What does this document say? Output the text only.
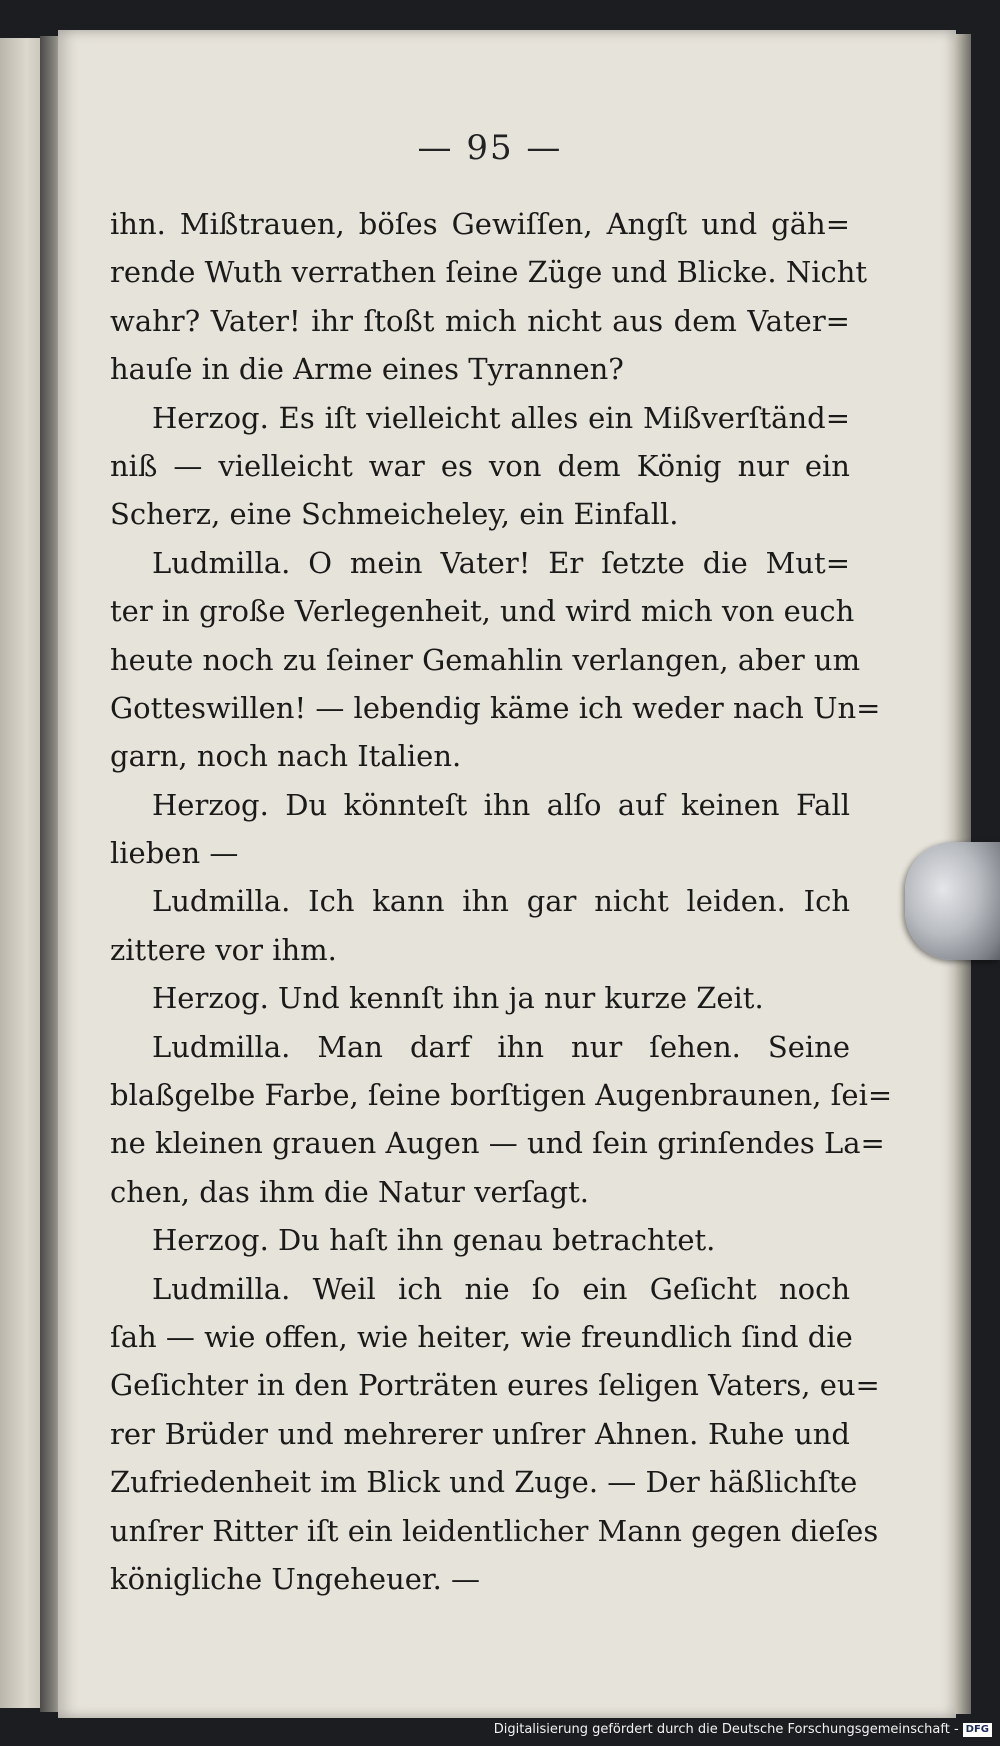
— 95 —
ihn. Mißtrauen, böſes Gewiſſen, Angſt und gäh=
rende Wuth verrathen ſeine Züge und Blicke. Nicht
wahr? Vater! ihr ſtoßt mich nicht aus dem Vater=
hauſe in die Arme eines Tyrannen?
Herzog. Es iſt vielleicht alles ein Mißverſtänd=
niß — vielleicht war es von dem König nur ein
Scherz, eine Schmeicheley, ein Einfall.
Ludmilla. O mein Vater! Er ſetzte die Mut=
ter in große Verlegenheit, und wird mich von euch
heute noch zu ſeiner Gemahlin verlangen, aber um
Gotteswillen! — lebendig käme ich weder nach Un=
garn, noch nach Italien.
Herzog. Du könnteſt ihn alſo auf keinen Fall
lieben —
Ludmilla. Ich kann ihn gar nicht leiden. Ich
zittere vor ihm.
Herzog. Und kennſt ihn ja nur kurze Zeit.
Ludmilla. Man darf ihn nur ſehen. Seine
blaßgelbe Farbe, ſeine borſtigen Augenbraunen, ſei=
ne kleinen grauen Augen — und ſein grinſendes La=
chen, das ihm die Natur verſagt.
Herzog. Du haſt ihn genau betrachtet.
Ludmilla. Weil ich nie ſo ein Geſicht noch
ſah — wie offen, wie heiter, wie freundlich ſind die
Geſichter in den Porträten eures ſeligen Vaters, eu=
rer Brüder und mehrerer unſrer Ahnen. Ruhe und
Zufriedenheit im Blick und Zuge. — Der häßlichſte
unſrer Ritter iſt ein leidentlicher Mann gegen dieſes
königliche Ungeheuer. —
Digitalisierung gefördert durch die Deutsche Forschungsgemeinschaft - DFG
